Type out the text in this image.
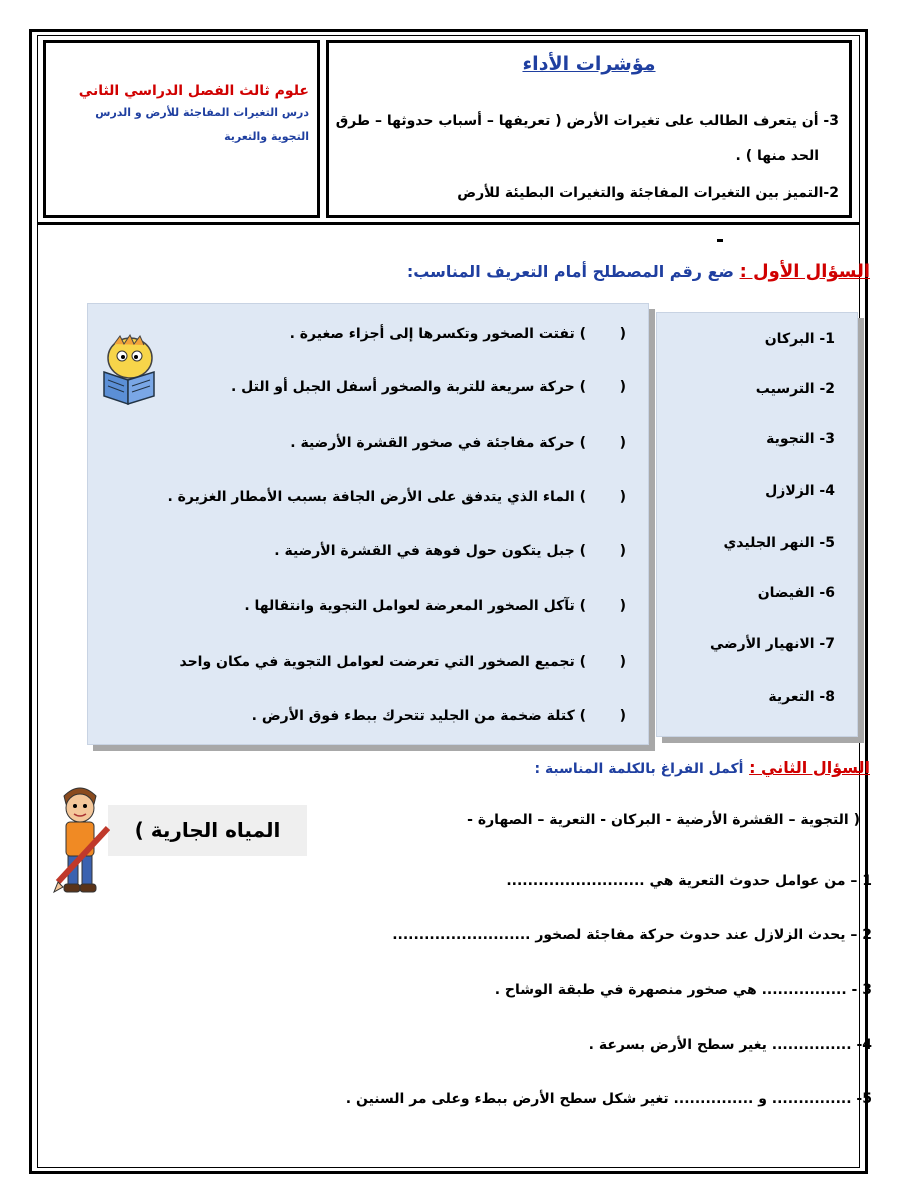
علوم ثالث الفصل الدراسي الثاني
درس التغيرات المفاجئة للأرض و الدرس التجوية والتعرية
مؤشرات الأداء
3- أن يتعرف الطالب على تغيرات الأرض ( تعريفها – أسباب حدوثها – طرق
الحد منها ) .
2-التميز بين التغيرات المفاجئة والتغيرات البطيئة للأرض
السؤال الأول : ضع رقم المصطلح أمام التعريف المناسب:
1- البركان
2- الترسيب
3- التجوية
4- الزلازل
5- النهر الجليدي
6- الفيضان
7- الانهيار الأرضي
8- التعرية
() تفتت الصخور وتكسرها إلى أجزاء صغيرة .
() حركة سريعة للتربة والصخور أسفل الجبل أو التل .
() حركة مفاجئة في صخور القشرة الأرضية .
() الماء الذي يتدفق على الأرض الجافة بسبب الأمطار الغزيرة .
() جبل يتكون حول فوهة في القشرة الأرضية .
() تآكل الصخور المعرضة لعوامل التجوية وانتقالها .
() تجميع الصخور التي تعرضت لعوامل التجوية في مكان واحد
() كتلة ضخمة من الجليد تتحرك ببطء فوق الأرض .
السؤال الثاني : أكمل الفراغ بالكلمة المناسبة :
( التجوية – القشرة الأرضية - البركان - التعرية – الصهارة -
المياه الجارية )
1 – من عوامل حدوث التعرية هي ..........................
2 – يحدث الزلازل عند حدوث حركة مفاجئة لصخور ..........................
3 - ................ هي صخور منصهرة في طبقة الوشاح .
4- ............... يغير سطح الأرض بسرعة .
5- ............... و ............... تغير شكل سطح الأرض ببطء وعلى مر السنين .
